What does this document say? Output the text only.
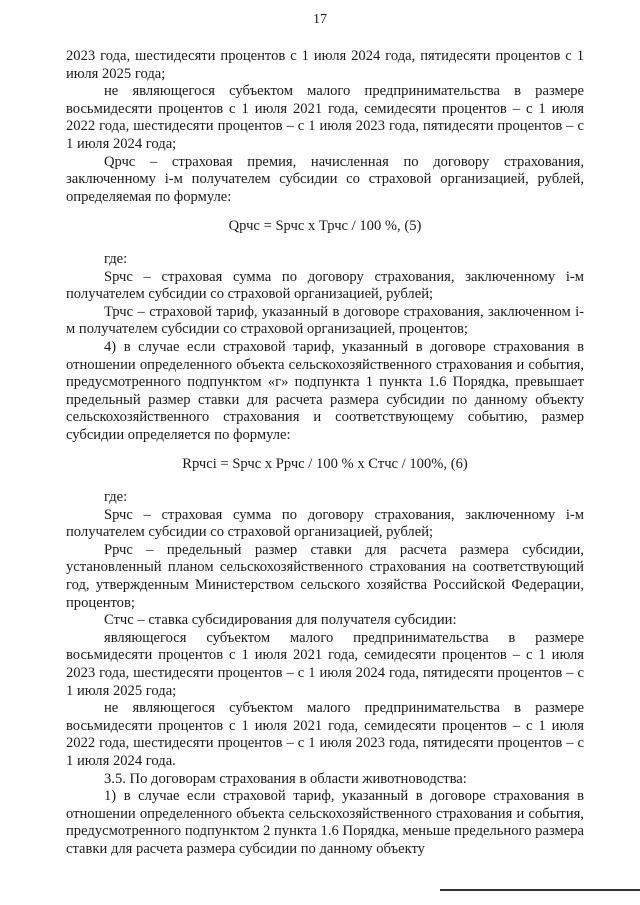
17

2023 года, шестидесяти процентов с 1 июля 2024 года, пятидесяти процентов с 1 июля 2025 года;

не являющегося субъектом малого предпринимательства в размере восьмидесяти процентов с 1 июля 2021 года, семидесяти процентов – с 1 июля 2022 года, шестидесяти процентов – с 1 июля 2023 года, пятидесяти процентов – с 1 июля 2024 года;

Qрчс – страховая премия, начисленная по договору страхования, заключенному i-м получателем субсидии со страховой организацией, рублей, определяемая по формуле:

Qрчс = Sрчс х Трчс / 100 %, (5)

где:

Sрчс – страховая сумма по договору страхования, заключенному i-м получателем субсидии со страховой организацией, рублей;

Трчс – страховой тариф, указанный в договоре страхования, заключенном i-м получателем субсидии со страховой организацией, процентов;

4) в случае если страховой тариф, указанный в договоре страхования в отношении определенного объекта сельскохозяйственного страхования и события, предусмотренного подпунктом «г» подпункта 1 пункта 1.6 Порядка, превышает предельный размер ставки для расчета размера субсидии по данному объекту сельскохозяйственного страхования и соответствующему событию, размер субсидии определяется по формуле:

Rрчсi = Sрчс х Ррчс / 100 % х Стчс / 100%, (6)

где:

Sрчс – страховая сумма по договору страхования, заключенному i-м получателем субсидии со страховой организацией, рублей;

Ррчс – предельный размер ставки для расчета размера субсидии, установленный планом сельскохозяйственного страхования на соответствующий год, утвержденным Министерством сельского хозяйства Российской Федерации, процентов;

Стчс – ставка субсидирования для получателя субсидии:

являющегося субъектом малого предпринимательства в размере восьмидесяти процентов с 1 июля 2021 года, семидесяти процентов – с 1 июля 2023 года, шестидесяти процентов – с 1 июля 2024 года, пятидесяти процентов – с 1 июля 2025 года;

не являющегося субъектом малого предпринимательства в размере восьмидесяти процентов с 1 июля 2021 года, семидесяти процентов – с 1 июля 2022 года, шестидесяти процентов – с 1 июля 2023 года, пятидесяти процентов – с 1 июля 2024 года.

3.5. По договорам страхования в области животноводства:

1) в случае если страховой тариф, указанный в договоре страхования в отношении определенного объекта сельскохозяйственного страхования и события, предусмотренного подпунктом 2 пункта 1.6 Порядка, меньше предельного размера ставки для расчета размера субсидии по данному объекту
